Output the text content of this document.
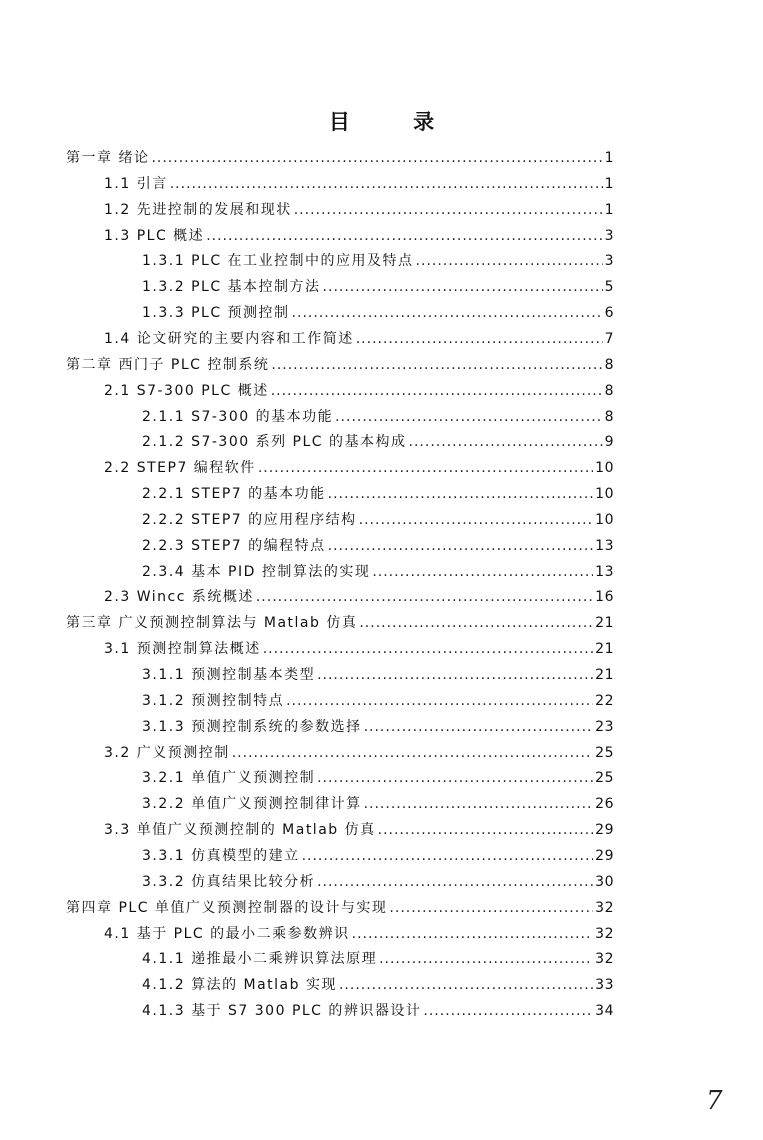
目 录
第一章 绪论 .....	1
1.1 引言 .....	1
1.2 先进控制的发展和现状 .....	1
1.3 PLC 概述 .....	3
1.3.1 PLC 在工业控制中的应用及特点 .....	3
1.3.2 PLC 基本控制方法 .....	5
1.3.3 PLC 预测控制 .....	6
1.4 论文研究的主要内容和工作简述 .....	7
第二章 西门子 PLC 控制系统 .....	8
2.1 S7-300 PLC 概述 .....	8
2.1.1 S7-300 的基本功能 .....	8
2.1.2 S7-300 系列 PLC 的基本构成 .....	9
2.2 STEP7 编程软件 .....	10
2.2.1 STEP7 的基本功能 .....	10
2.2.2 STEP7 的应用程序结构 .....	10
2.2.3 STEP7 的编程特点 .....	13
2.3.4 基本 PID 控制算法的实现 .....	13
2.3 Wincc 系统概述 .....	16
第三章 广义预测控制算法与 Matlab 仿真 .....	21
3.1 预测控制算法概述 .....	21
3.1.1 预测控制基本类型 .....	21
3.1.2 预测控制特点 .....	22
3.1.3 预测控制系统的参数选择 .....	23
3.2 广义预测控制 .....	25
3.2.1 单值广义预测控制 .....	25
3.2.2 单值广义预测控制律计算 .....	26
3.3 单值广义预测控制的 Matlab 仿真 .....	29
3.3.1 仿真模型的建立 .....	29
3.3.2 仿真结果比较分析 .....	30
第四章 PLC 单值广义预测控制器的设计与实现 .....	32
4.1 基于 PLC 的最小二乘参数辨识 .....	32
4.1.1 递推最小二乘辨识算法原理 .....	32
4.1.2 算法的 Matlab 实现 .....	33
4.1.3 基于 S7 300 PLC 的辨识器设计 .....	34
7
